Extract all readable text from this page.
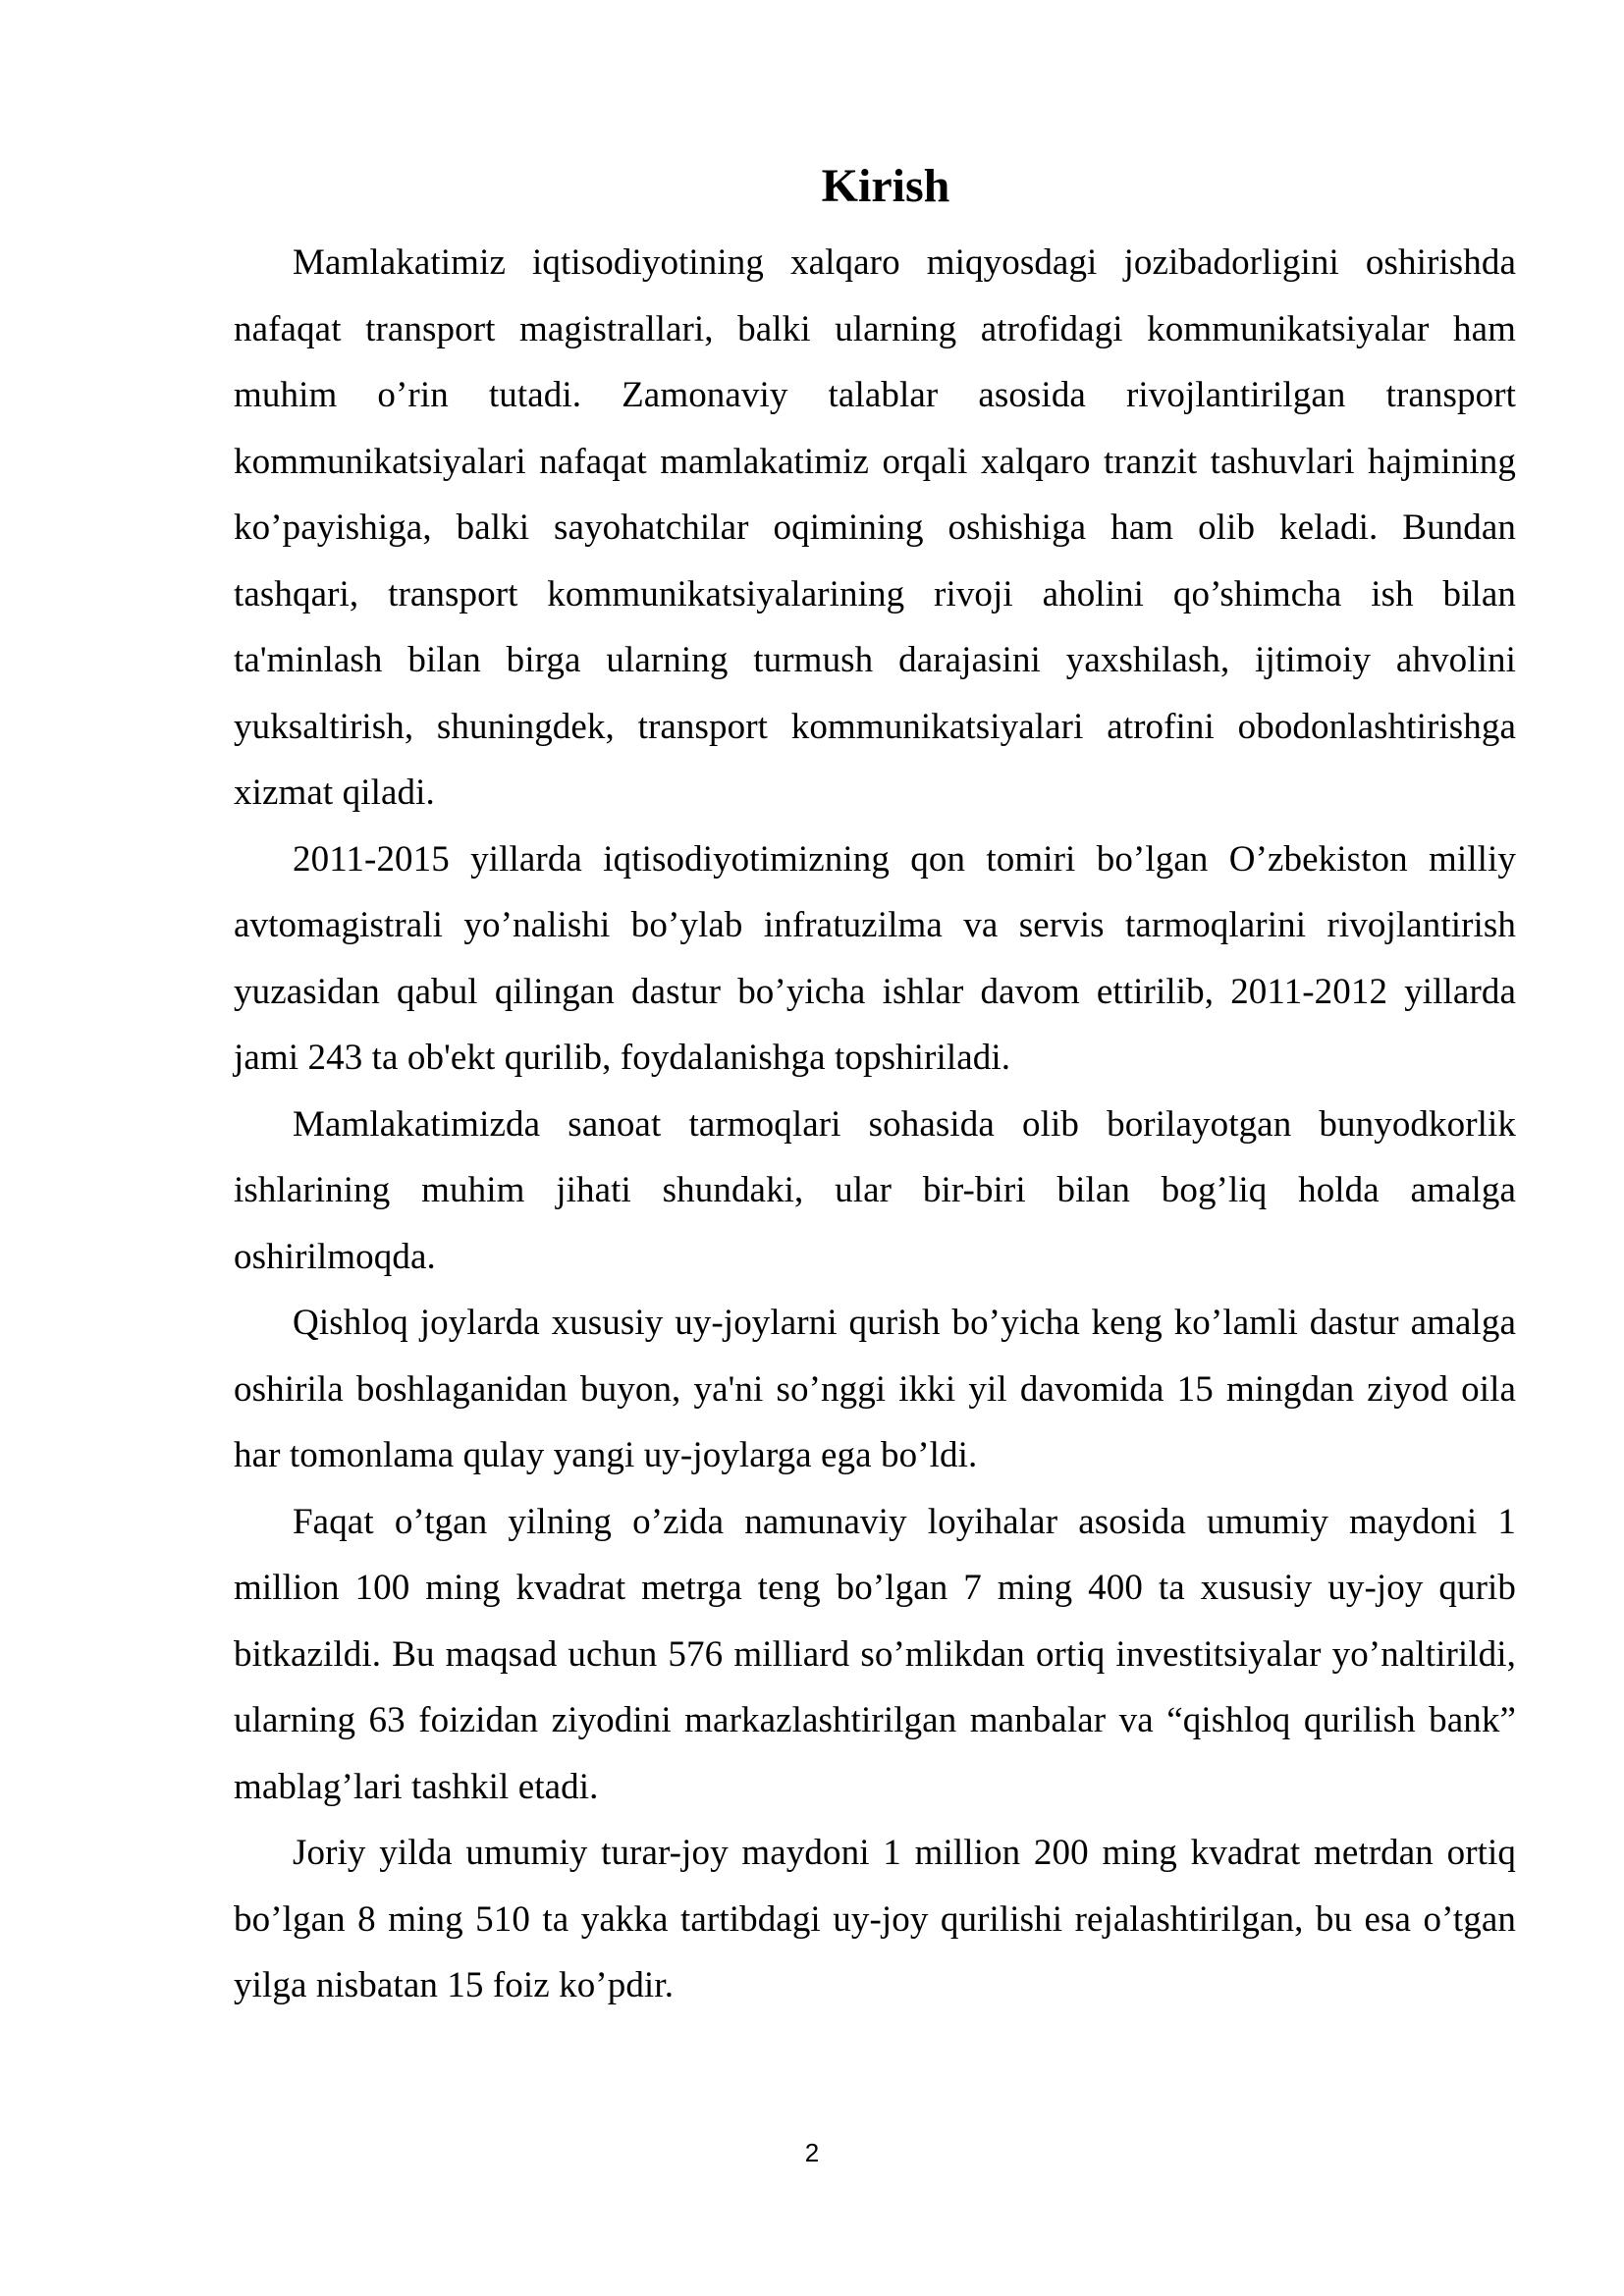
Kirish

Mamlakatimiz iqtisodiyotining xalqaro miqyosdagi jozibadorligini oshirishda nafaqat transport magistrallari, balki ularning atrofidagi kommunikatsiyalar ham muhim o’rin tutadi. Zamonaviy talablar asosida rivojlantirilgan transport kommunikatsiyalari nafaqat mamlakatimiz orqali xalqaro tranzit tashuvlari hajmining ko’payishiga, balki sayohatchilar oqimining oshishiga ham olib keladi. Bundan tashqari, transport kommunikatsiyalarining rivoji aholini qo’shimcha ish bilan ta'minlash bilan birga ularning turmush darajasini yaxshilash, ijtimoiy ahvolini yuksaltirish, shuningdek, transport kommunikatsiyalari atrofini obodonlashtirishga xizmat qiladi.

2011-2015 yillarda iqtisodiyotimizning qon tomiri bo’lgan O’zbekiston milliy avtomagistrali yo’nalishi bo’ylab infratuzilma va servis tarmoqlarini rivojlantirish yuzasidan qabul qilingan dastur bo’yicha ishlar davom ettirilib, 2011-2012 yillarda jami 243 ta ob'ekt qurilib, foydalanishga topshiriladi.

Mamlakatimizda sanoat tarmoqlari sohasida olib borilayotgan bunyodkorlik ishlarining muhim jihati shundaki, ular bir-biri bilan bog’liq holda amalga oshirilmoqda.

Qishloq joylarda xususiy uy-joylarni qurish bo’yicha keng ko’lamli dastur amalga oshirila boshlaganidan buyon, ya'ni so’nggi ikki yil davomida 15 mingdan ziyod oila har tomonlama qulay yangi uy-joylarga ega bo’ldi.

Faqat o’tgan yilning o’zida namunaviy loyihalar asosida umumiy maydoni 1 million 100 ming kvadrat metrga teng bo’lgan 7 ming 400 ta xususiy uy-joy qurib bitkazildi. Bu maqsad uchun 576 milliard so’mlikdan ortiq investitsiyalar yo’naltirildi, ularning 63 foizidan ziyodini markazlashtirilgan manbalar va “qishloq qurilish bank” mablag’lari tashkil etadi.

Joriy yilda umumiy turar-joy maydoni 1 million 200 ming kvadrat metrdan ortiq bo’lgan 8 ming 510 ta yakka tartibdagi uy-joy qurilishi rejalashtirilgan, bu esa o’tgan yilga nisbatan 15 foiz ko’pdir.

2
